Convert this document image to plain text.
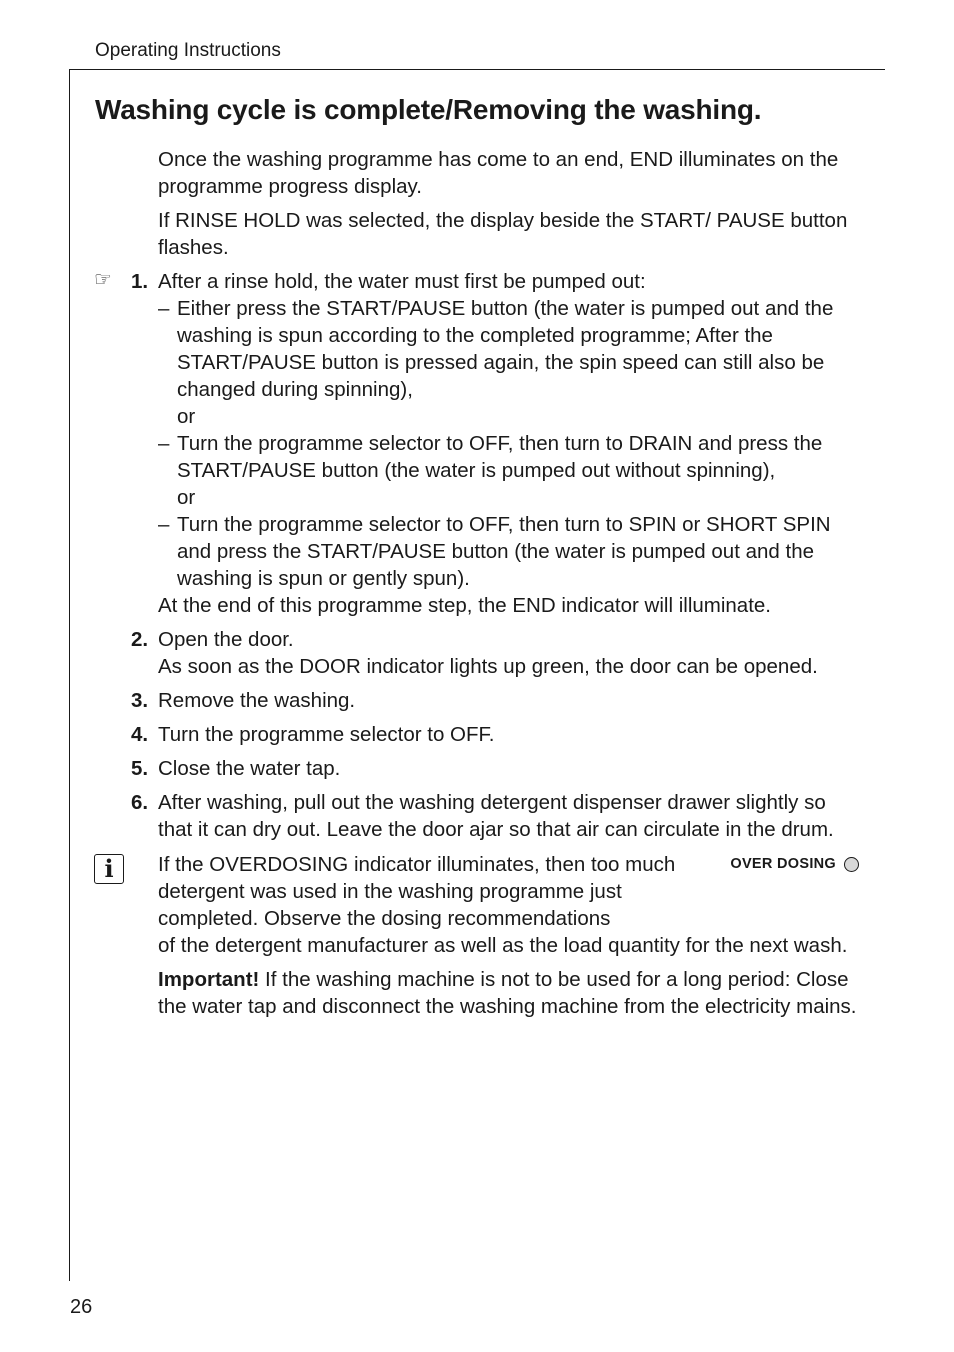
Operating Instructions
Washing cycle is complete/Removing the washing.

Once the washing programme has come to an end, END illuminates on the programme progress display.

If RINSE HOLD was selected, the display beside the START/ PAUSE button flashes.

☞ 1. After a rinse hold, the water must first be pumped out:
– Either press the START/PAUSE button (the water is pumped out and the washing is spun according to the completed programme; After the START/PAUSE button is pressed again, the spin speed can still also be changed during spinning),
or
– Turn the programme selector to OFF, then turn to DRAIN and press the START/PAUSE button (the water is pumped out without spinning),
or
– Turn the programme selector to OFF, then turn to SPIN or SHORT SPIN and press the START/PAUSE button (the water is pumped out and the washing is spun or gently spun).
At the end of this programme step, the END indicator will illuminate.
2. Open the door.
As soon as the DOOR indicator lights up green, the door can be opened.
3. Remove the washing.
4. Turn the programme selector to OFF.
5. Close the water tap.
6. After washing, pull out the washing detergent dispenser drawer slightly so that it can dry out. Leave the door ajar so that air can circulate in the drum.
i	OVER DOSING
If the OVERDOSING indicator illuminates, then too much detergent was used in the washing programme just completed. Observe the dosing recommendations
of the detergent manufacturer as well as the load quantity for the next wash.

Important! If the washing machine is not to be used for a long period: Close the water tap and disconnect the washing machine from the electricity mains.

26
